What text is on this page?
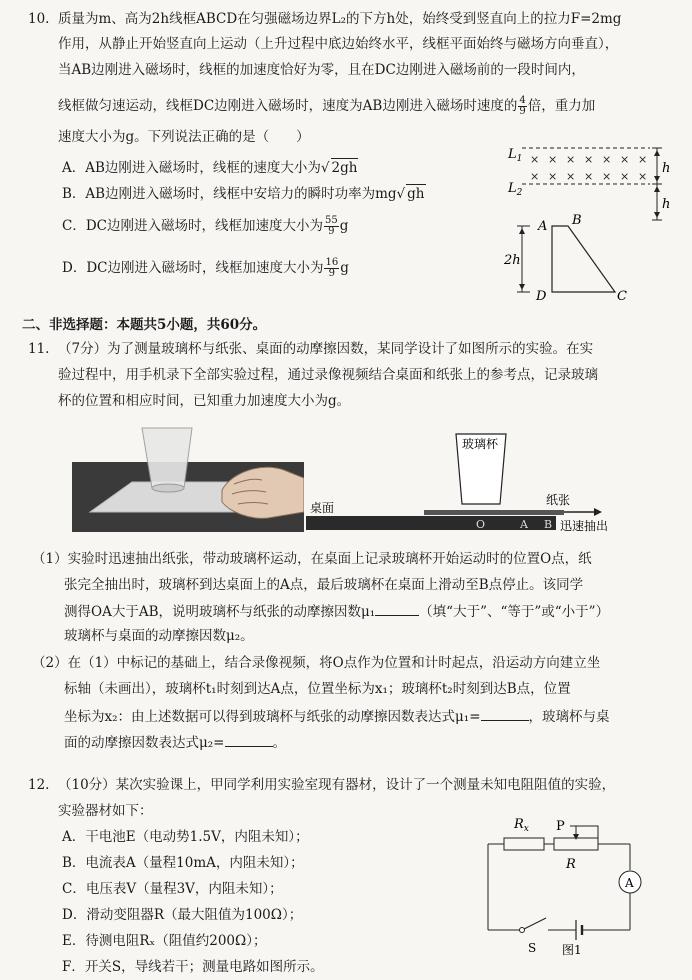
10. 质量为m、高为2h线框ABCD在匀强磁场边界L₂的下方h处，始终受到竖直向上的拉力F=2mg
作用，从静止开始竖直向上运动（上升过程中底边始终水平，线框平面始终与磁场方向垂直），
当AB边刚进入磁场时，线框的加速度恰好为零，且在DC边刚进入磁场前的一段时间内，
线框做匀速运动，线框DC边刚进入磁场时，速度为AB边刚进入磁场时速度的 $\frac{4}{9}$ 倍，重力加
速度大小为g。下列说法正确的是（　　）
A．AB边刚进入磁场时，线框的速度大小为√ 2gh
B．AB边刚进入磁场时，线框中安培力的瞬时功率为mg√ gh
C．DC边刚进入磁场时，线框加速度大小为 $\frac{55}{9}$ g
D．DC边刚进入磁场时，线框加速度大小为 $\frac{16}{9}$ g
$L_1$
$L_2$
× × × × × × ×
× × × × × × ×
h
h
A B
C
D
2h
二、非选择题：本题共5小题，共60分。
11. （7分）为了测量玻璃杯与纸张、桌面的动摩擦因数，某同学设计了如图所示的实验。在实
验过程中，用手机录下全部实验过程，通过录像视频结合桌面和纸张上的参考点，记录玻璃
杯的位置和相应时间，已知重力加速度大小为g。
玻璃杯
桌面
纸张
迅速抽出
O	A B
（1）实验时迅速抽出纸张，带动玻璃杯运动，在桌面上记录玻璃杯开始运动时的位置O点，纸
张完全抽出时，玻璃杯到达桌面上的A点，最后玻璃杯在桌面上滑动至B点停止。该同学
测得OA大于AB，说明玻璃杯与纸张的动摩擦因数μ₁	（填“大于”、“等于”或“小于”）
玻璃杯与桌面的动摩擦因数μ₂。
（2）在（1）中标记的基础上，结合录像视频，将O点作为位置和计时起点，沿运动方向建立坐
标轴（未画出），玻璃杯t₁时刻到达A点，位置坐标为x₁；玻璃杯t₂时刻到达B点，位置
坐标为x₂：由上述数据可以得到玻璃杯与纸张的动摩擦因数表达式μ₁=	，玻璃杯与桌
面的动摩擦因数表达式μ₂=	。
12. （10分）某次实验课上，甲同学利用实验室现有器材，设计了一个测量未知电阻阻值的实验，
实验器材如下：
A．干电池E（电动势1.5V，内阻未知）；
B．电流表A（量程10mA，内阻未知）；
C．电压表V（量程3V，内阻未知）；
D．滑动变阻器R（最大阻值为100Ω）；
E．待测电阻Rₓ（阻值约200Ω）；
F．开关S，导线若干；测量电路如图所示。
$R_x$ P
R
A
S 图1
